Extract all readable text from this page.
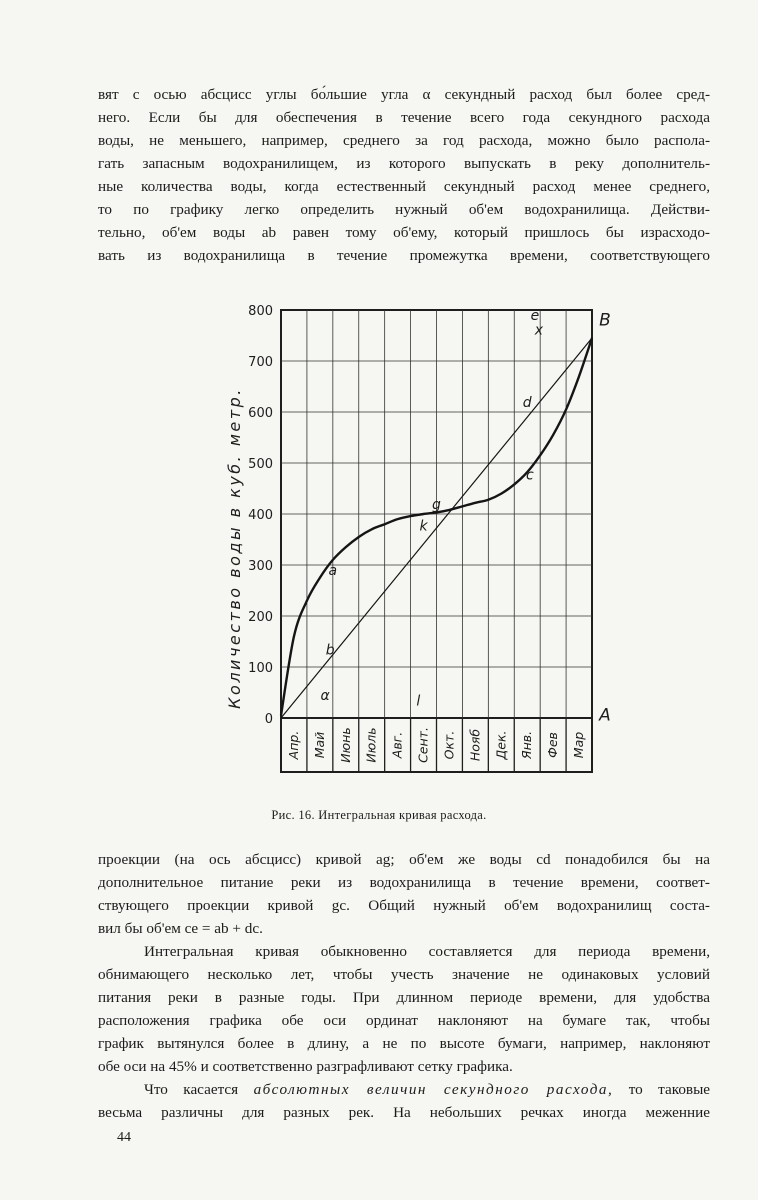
вят с осью абсцисс углы бо́льшие угла α секундный расход был более сред-
него. Если бы для обеспечения в течение всего года секундного расхода
воды, не меньшего, например, среднего за год расхода, можно было распола-
гать запасным водохранилищем, из которого выпускать в реку дополнитель-
ные количества воды, когда естественный секундный расход менее среднего,
то по графику легко определить нужный об'ем водохранилища. Действи-
тельно, об'ем воды ab равен тому об'ему, который пришлось бы израсходо-
вать из водохранилища в течение промежутка времени, соответствующего
0
100
200
300
400
500
600
700
800
Апр. Май Июнь Июль Авг. Сент. Окт. Нояб Дек. Янв. Фев Мар
a
b
g
k
c
d
e
x
α	l
B
A
Количество воды в куб. метр.
Рис. 16. Интегральная кривая расхода.
проекции (на ось абсцисс) кривой ag; об'ем же воды cd понадобился бы на
дополнительное питание реки из водохранилища в течение времени, соответ-
ствующего проекции кривой gc. Общий нужный об'ем водохранилищ соста-
вил бы об'ем ce = ab + dc.
Интегральная кривая обыкновенно составляется для периода времени,
обнимающего несколько лет, чтобы учесть значение не одинаковых условий
питания реки в разные годы. При длинном периоде времени, для удобства
расположения графика обе оси ординат наклоняют на бумаге так, чтобы
график вытянулся более в длину, а не по высоте бумаги, например, наклоняют
обе оси на 45% и соответственно разграфливают сетку графика.
Что касается абсолютных величин секундного расхода, то таковые
весьма различны для разных рек. На небольших речках иногда меженние
44
